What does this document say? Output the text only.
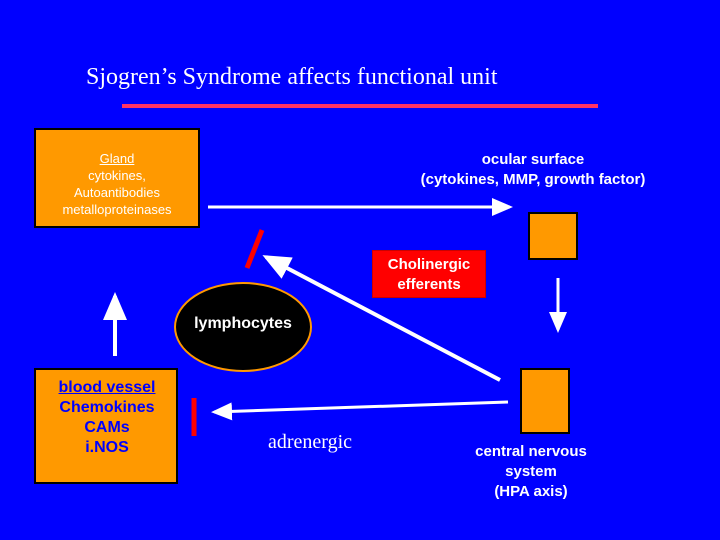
Sjogren’s Syndrome affects functional unit
Gland
cytokines,
Autoantibodies
metalloproteinases
ocular surface
(cytokines, MMP, growth factor)
Cholinergic
efferents
lymphocytes
blood vessel
Chemokines
CAMs
i.NOS	adrenergic	central nervous
system
(HPA axis)
